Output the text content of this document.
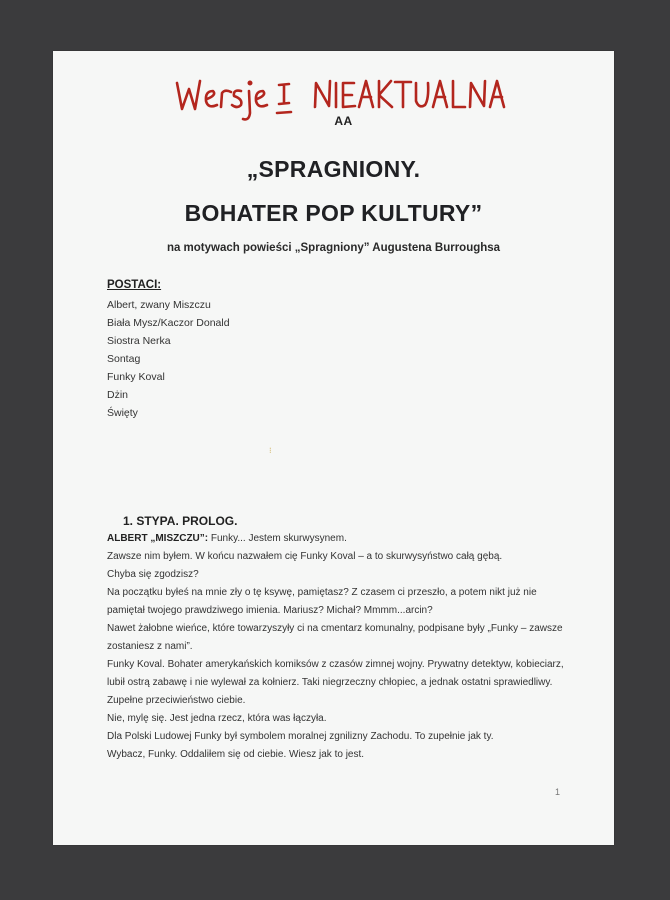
AA
„SPRAGNIONY.
BOHATER POP KULTURY”
na motywach powieści „Spragniony” Augustena Burroughsa
POSTACI:
Albert, zwany Miszczu
Biała Mysz/Kaczor Donald
Siostra Nerka
Sontag
Funky Koval
Dżin
Święty
⁝
1. STYPA. PROLOG.

ALBERT „MISZCZU”: Funky... Jestem skurwysynem.

Zawsze nim byłem. W końcu nazwałem cię Funky Koval – a to skurwysyństwo całą gębą.

Chyba się zgodzisz?

Na początku byłeś na mnie zły o tę ksywę, pamiętasz? Z czasem ci przeszło, a potem nikt już nie

pamiętał twojego prawdziwego imienia. Mariusz? Michał? Mmmm...arcin?

Nawet żałobne wieńce, które towarzyszyły ci na cmentarz komunalny, podpisane były „Funky – zawsze

zostaniesz z nami”.

Funky Koval. Bohater amerykańskich komiksów z czasów zimnej wojny. Prywatny detektyw, kobieciarz,

lubił ostrą zabawę i nie wylewał za kołnierz. Taki niegrzeczny chłopiec, a jednak ostatni sprawiedliwy.

Zupełne przeciwieństwo ciebie.

Nie, mylę się. Jest jedna rzecz, która was łączyła.

Dla Polski Ludowej Funky był symbolem moralnej zgnilizny Zachodu. To zupełnie jak ty.

Wybacz, Funky. Oddaliłem się od ciebie. Wiesz jak to jest.

1
